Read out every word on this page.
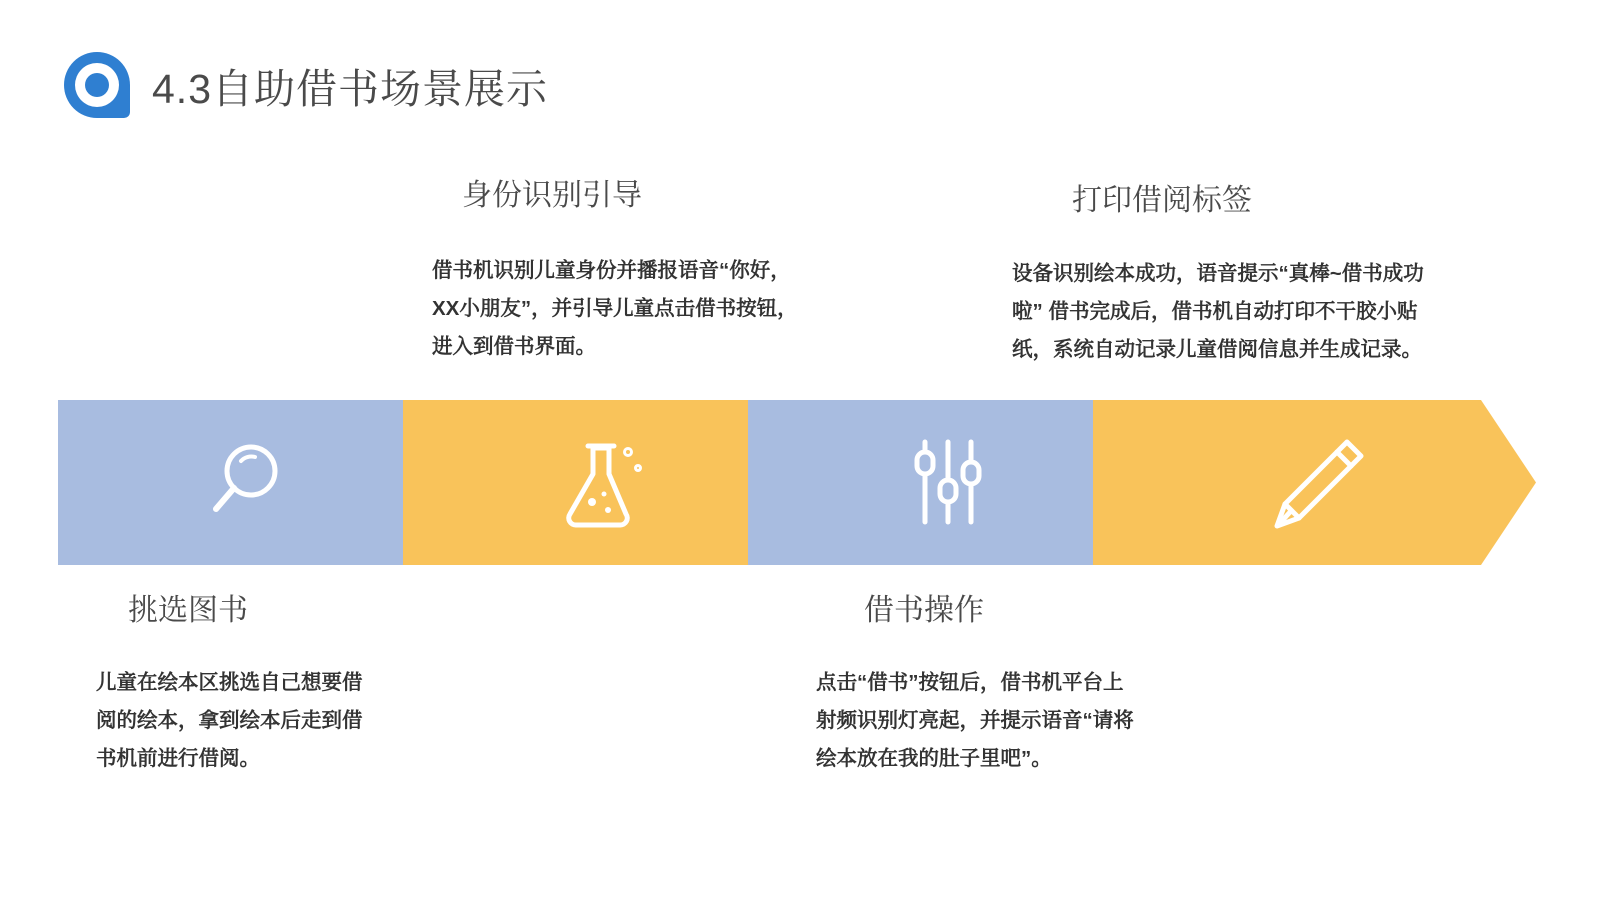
4.3自助借书场景展示
身份识别引导

借书机识别儿童身份并播报语音“你好，

XX小朋友”，并引导儿童点击借书按钮，

进入到借书界面。

打印借阅标签

设备识别绘本成功，语音提示“真棒~借书成功

啦” 借书完成后，借书机自动打印不干胶小贴

纸，系统自动记录儿童借阅信息并生成记录。

挑选图书

儿童在绘本区挑选自己想要借

阅的绘本，拿到绘本后走到借

书机前进行借阅。

借书操作

点击“借书”按钮后，借书机平台上

射频识别灯亮起，并提示语音“请将

绘本放在我的肚子里吧”。
